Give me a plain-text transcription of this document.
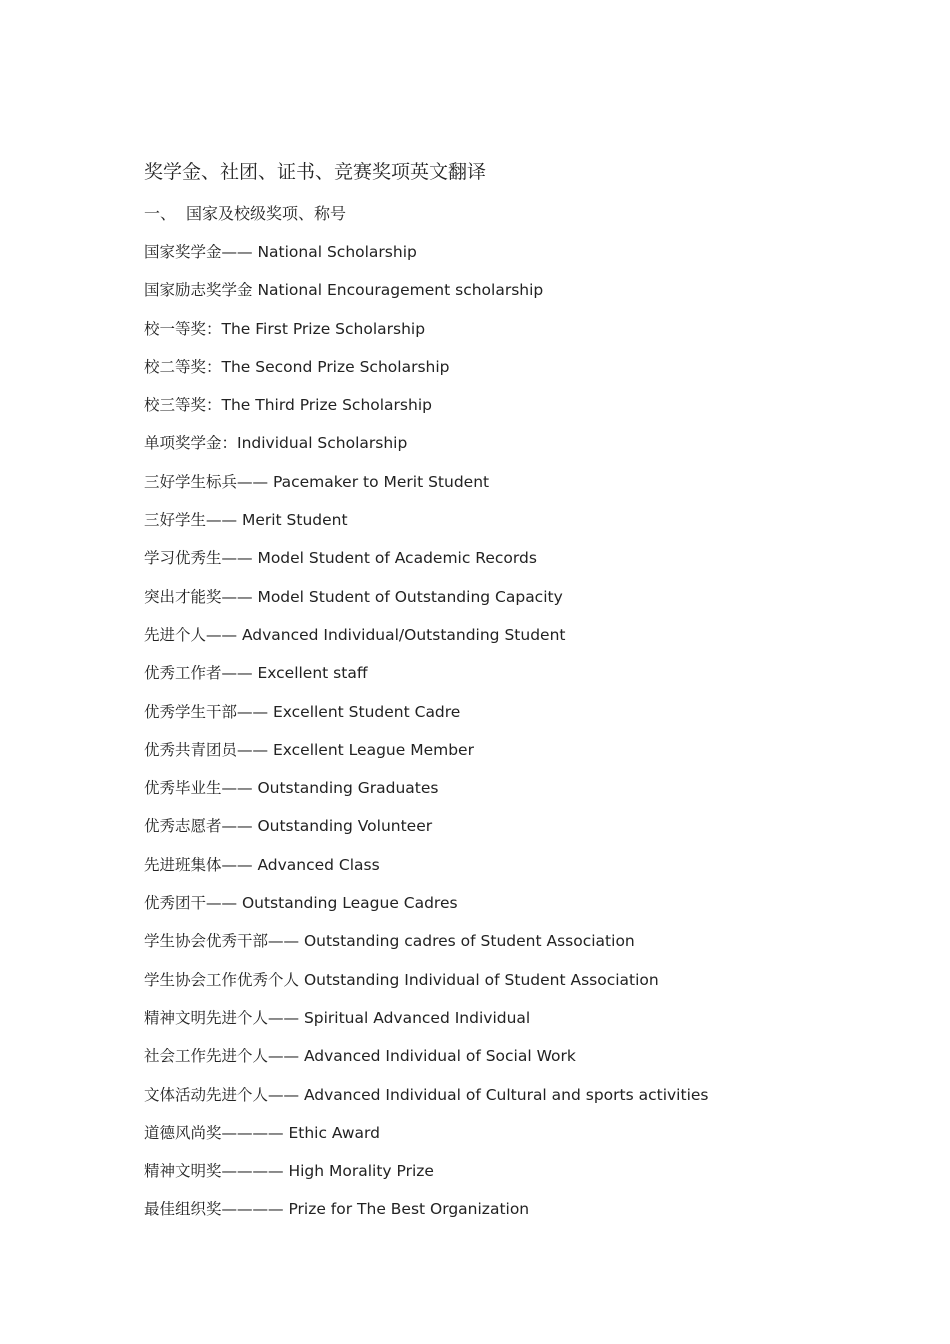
奖学金、社团、证书、竞赛奖项英文翻译
一、 国家及校级奖项、称号
国家奖学金—— National Scholarship
国家励志奖学金 National Encouragement scholarship
校一等奖：The First Prize Scholarship
校二等奖：The Second Prize Scholarship
校三等奖：The Third Prize Scholarship
单项奖学金：Individual Scholarship
三好学生标兵—— Pacemaker to Merit Student
三好学生—— Merit Student
学习优秀生—— Model Student of Academic Records
突出才能奖—— Model Student of Outstanding Capacity
先进个人—— Advanced Individual/Outstanding Student
优秀工作者—— Excellent staff
优秀学生干部—— Excellent Student Cadre
优秀共青团员—— Excellent League Member
优秀毕业生—— Outstanding Graduates
优秀志愿者—— Outstanding Volunteer
先进班集体—— Advanced Class
优秀团干—— Outstanding League Cadres
学生协会优秀干部—— Outstanding cadres of Student Association
学生协会工作优秀个人 Outstanding Individual of Student Association
精神文明先进个人—— Spiritual Advanced Individual
社会工作先进个人—— Advanced Individual of Social Work
文体活动先进个人—— Advanced Individual of Cultural and sports activities
道德风尚奖———— Ethic Award
精神文明奖———— High Morality Prize
最佳组织奖———— Prize for The Best Organization
